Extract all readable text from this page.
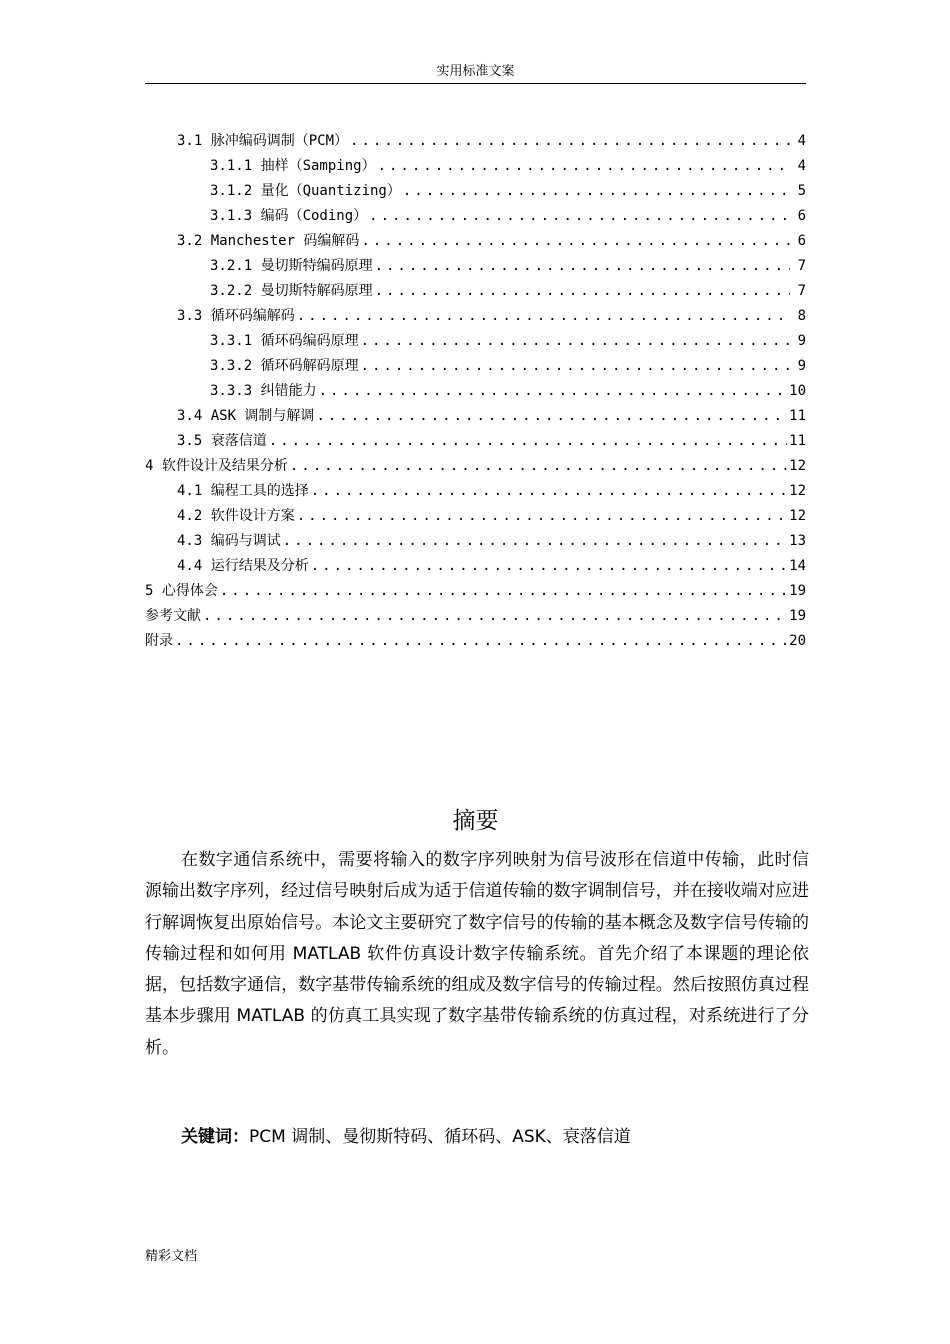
实用标准文案
3.1 脉冲编码调制（PCM） .....	4
3.1.1 抽样（Samping） .....	4
3.1.2 量化（Quantizing） .....	5
3.1.3 编码（Coding） .....	6
3.2 Manchester 码编解码 .....	6
3.2.1 曼切斯特编码原理 .....	7
3.2.2 曼切斯特解码原理 .....	7
3.3 循环码编解码 .....	8
3.3.1 循环码编码原理 .....	9
3.3.2 循环码解码原理 .....	9
3.3.3 纠错能力 .....	10
3.4 ASK 调制与解调 .....	11
3.5 衰落信道 .....	11
4 软件设计及结果分析 .....	12
4.1 编程工具的选择 .....	12
4.2 软件设计方案 .....	12
4.3 编码与调试 .....	13
4.4 运行结果及分析 .....	14
5 心得体会 .....	19
参考文献 .....	19
附录 .....	20
摘要
在数字通信系统中，需要将输入的数字序列映射为信号波形在信道中传输，此时信源输出数字序列，经过信号映射后成为适于信道传输的数字调制信号，并在接收端对应进行解调恢复出原始信号。本论文主要研究了数字信号的传输的基本概念及数字信号传输的传输过程和如何用 MATLAB 软件仿真设计数字传输系统。首先介绍了本课题的理论依据，包括数字通信，数字基带传输系统的组成及数字信号的传输过程。然后按照仿真过程基本步骤用 MATLAB 的仿真工具实现了数字基带传输系统的仿真过程，对系统进行了分析。
关键词：PCM 调制、曼彻斯特码、循环码、ASK、衰落信道
精彩文档
